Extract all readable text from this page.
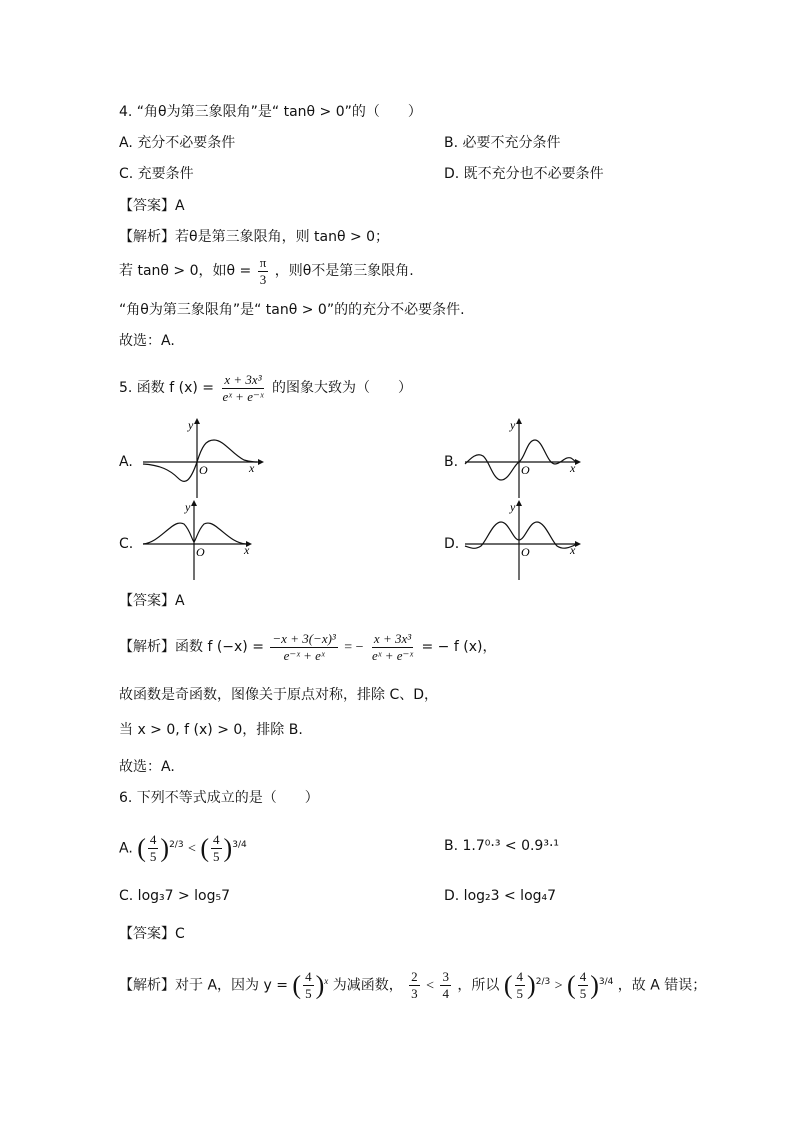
4. “角θ为第三象限角”是“ tanθ > 0”的（　　）
A. 充分不必要条件	B. 必要不充分条件
C. 充要条件	D. 既不充分也不必要条件
【答案】A
【解析】若θ是第三象限角，则 tanθ > 0；
若 tanθ > 0，如$\theta = \frac{\pi}{3}$ ，则θ不是第三象限角.
“角θ为第三象限角”是“ tanθ > 0”的的充分不必要条件.
故选：A.
5. 函数 f $(x) = \frac{\text{x + 3x³}}{\text{eˣ + e⁻ˣ}}$ 的图象大致为（　　）
A.
y
x
O	B.
y
x
O
C.
y
x
O	D.
y
x
O
【答案】A
【解析】函数 f $(-x) = \frac{\text{−x + 3(−x)³}}{\text{e⁻ˣ + eˣ}}$ = − $\frac{\text{x + 3x³}}{\text{eˣ + e⁻ˣ}}$ = − f (x)，
故函数是奇函数，图像关于原点对称，排除 C、D，
当 x > 0, f (x) > 0，排除 B.
故选：A.
6. 下列不等式成立的是（　　）
A. ( $\frac{4}{5} )^{2/3}$ < ( $\frac{4}{5} )^{3/4}$	B. 1.7⁰·³ < 0.9³·¹
C. log₃7 > log₅7	D. log₂3 < log₄7
【答案】C
【解析】对于 A，因为 y = ( $\frac{4}{5} )^x$ 为减函数， $\frac{2}{3} < \frac{3}{4}$ ，所以 ( $\frac{4}{5} )^{2/3}$ > ( $\frac{4}{5} )^{3/4}$ ，故 A 错误；
